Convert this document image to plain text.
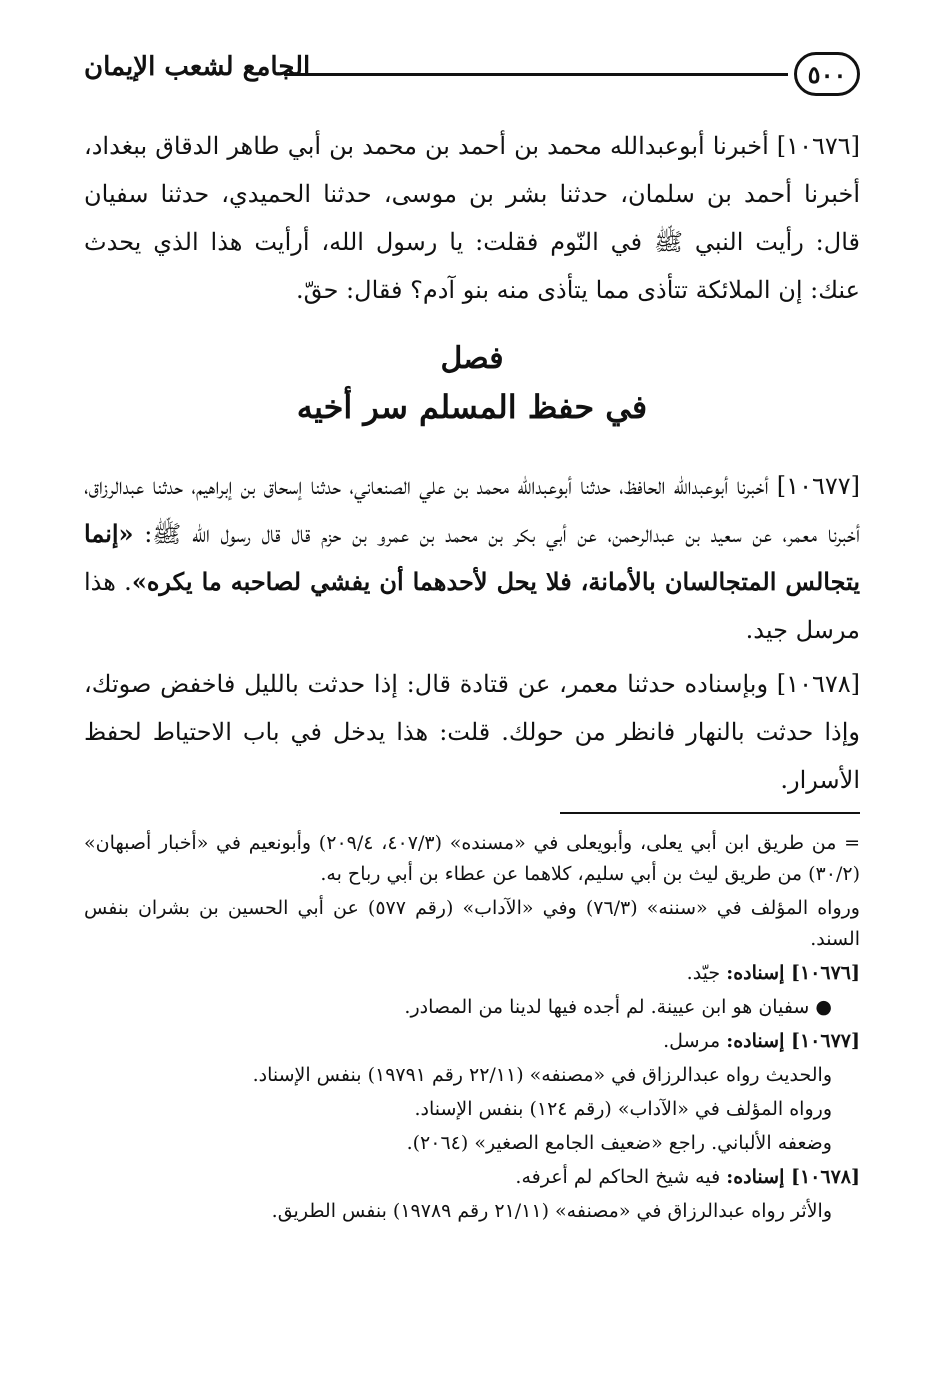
٥٠٠
الجامع لشعب الإيمان

[١٠٦٧٦] أخبرنا أبوعبدالله محمد بن أحمد بن محمد بن أبي طاهر الدقاق ببغداد، أخبرنا أحمد بن سلمان، حدثنا بشر بن موسى، حدثنا الحميدي، حدثنا سفيان قال: رأيت النبي ﷺ في النّوم فقلت: يا رسول الله، أرأيت هذا الذي يحدث عنك: إن الملائكة تتأذى مما يتأذى منه بنو آدم؟ فقال: حقّ.

فصل
في حفظ المسلم سر أخيه

[١٠٦٧٧] أخبرنا أبوعبدالله الحافظ، حدثنا أبوعبدالله محمد بن علي الصنعاني، حدثنا إسحاق بن إبراهيم، حدثنا عبدالرزاق، أخبرنا معمر، عن سعيد بن عبدالرحمن، عن أبي بكر بن محمد بن عمرو بن حزم قال قال رسول الله ﷺ: «إنما يتجالس المتجالسان بالأمانة، فلا يحل لأحدهما أن يفشي لصاحبه ما يكره». هذا مرسل جيد.

[١٠٦٧٨] وبإسناده حدثنا معمر، عن قتادة قال: إذا حدثت بالليل فاخفض صوتك، وإذا حدثت بالنهار فانظر من حولك. قلت: هذا يدخل في باب الاحتياط لحفظ الأسرار.

= من طريق ابن أبي يعلى، وأبويعلى في «مسنده» (٤٠٧/٣، ٢٠٩/٤) وأبونعيم في «أخبار أصبهان» (٣٠/٢) من طريق ليث بن أبي سليم، كلاهما عن عطاء بن أبي رباح به.

ورواه المؤلف في «سننه» (٧٦/٣) وفي «الآداب» (رقم ٥٧٧) عن أبي الحسين بن بشران بنفس السند.

[١٠٦٧٦] إسناده: جيّد.

● سفيان هو ابن عيينة. لم أجده فيها لدينا من المصادر.

[١٠٦٧٧] إسناده: مرسل.

والحديث رواه عبدالرزاق في «مصنفه» (٢٢/١١ رقم ١٩٧٩١) بنفس الإسناد.

ورواه المؤلف في «الآداب» (رقم ١٢٤) بنفس الإسناد.

وضعفه الألباني. راجع «ضعيف الجامع الصغير» (٢٠٦٤).

[١٠٦٧٨] إسناده: فيه شيخ الحاكم لم أعرفه.

والأثر رواه عبدالرزاق في «مصنفه» (٢١/١١ رقم ١٩٧٨٩) بنفس الطريق.
